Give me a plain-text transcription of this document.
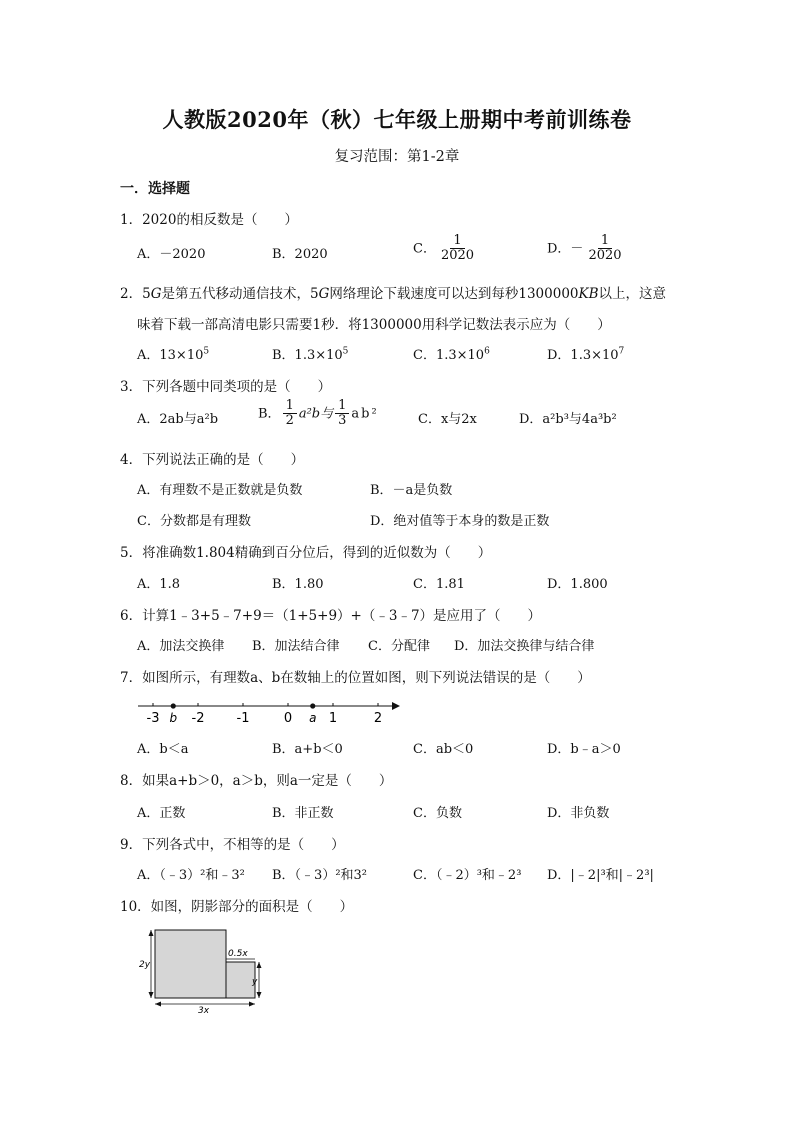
人教版2020年（秋）七年级上册期中考前训练卷
复习范围：第1-2章
一．选择题
1．2020的相反数是（　　）
A．－2020	B．2020	C． $\frac{1}{2020}$	D．－ $\frac{1}{2020}$
2．5G是第五代移动通信技术，5G网络理论下载速度可以达到每秒1300000KB以上，这意
味着下载一部高清电影只需要1秒．将1300000用科学记数法表示应为（　　）
A．$13\times 10^5$	B．$1.3\times 10^5$	C．$1.3\times 10^6$	D．$1.3\times 10^7$
3．下列各题中同类项的是（　　）
A．2ab与a²b	B． $\frac{1}{2} a^2b$与 $\frac{1}{3} ab^2$	C．x与2x	D．a²b³与4a³b²
4．下列说法正确的是（　　）
A．有理数不是正数就是负数	B．－a是负数
C．分数都是有理数	D．绝对值等于本身的数是正数
5．将准确数1.804精确到百分位后，得到的近似数为（　　）
A．1.8	B．1.80	C．1.81	D．1.800
6．计算1﹣3+5﹣7+9＝（1+5+9）+（﹣3﹣7）是应用了（　　）
A．加法交换律 B．加法结合律 C．分配律 D．加法交换律与结合律
7．如图所示，有理数a、b在数轴上的位置如图，则下列说法错误的是（　　）
-3 -2 -1	0	1	2
b	a
A．b＜a	B．a+b＜0	C．ab＜0	D．b﹣a＞0
8．如果a+b＞0，a＞b，则a一定是（　　）
A．正数	B．非正数	C．负数	D．非负数
9．下列各式中，不相等的是（　　）
A．（﹣3）²和﹣3² B．（﹣3）²和3²	C．（﹣2）³和﹣2³ D．|﹣2|³和|﹣2³|
10．如图，阴影部分的面积是（　　）
2y
0.5x
y
3x
